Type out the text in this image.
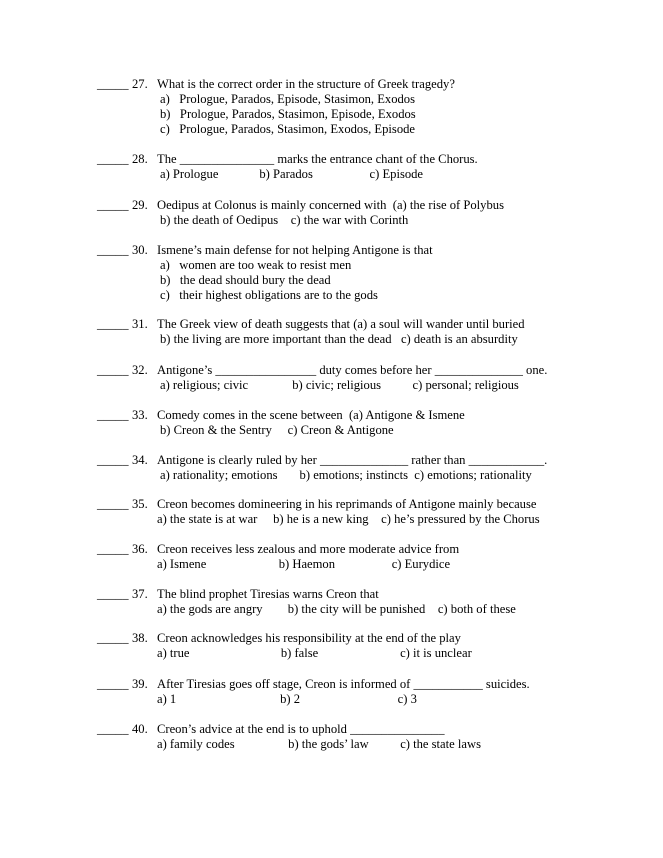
_____ 27. What is the correct order in the structure of Greek tragedy?
a)   Prologue, Parados, Episode, Stasimon, Exodos
b)   Prologue, Parados, Stasimon, Episode, Exodos
c)   Prologue, Parados, Stasimon, Exodos, Episode
_____ 28. The _______________ marks the entrance chant of the Chorus.
a) Prologue             b) Parados                  c) Episode
_____ 29. Oedipus at Colonus is mainly concerned with  (a) the rise of Polybus
b) the death of Oedipus    c) the war with Corinth
_____ 30. Ismene’s main defense for not helping Antigone is that
a)   women are too weak to resist men
b)   the dead should bury the dead
c)   their highest obligations are to the gods
_____ 31. The Greek view of death suggests that (a) a soul will wander until buried
b) the living are more important than the dead   c) death is an absurdity
_____ 32. Antigone’s ________________ duty comes before her ______________ one.
a) religious; civic              b) civic; religious          c) personal; religious
_____ 33. Comedy comes in the scene between  (a) Antigone & Ismene
b) Creon & the Sentry     c) Creon & Antigone
_____ 34. Antigone is clearly ruled by her ______________ rather than ____________.
a) rationality; emotions       b) emotions; instincts  c) emotions; rationality
_____ 35. Creon becomes domineering in his reprimands of Antigone mainly because
a) the state is at war     b) he is a new king    c) he’s pressured by the Chorus
_____ 36. Creon receives less zealous and more moderate advice from
a) Ismene                       b) Haemon                  c) Eurydice
_____ 37. The blind prophet Tiresias warns Creon that
a) the gods are angry        b) the city will be punished    c) both of these
_____ 38. Creon acknowledges his responsibility at the end of the play
a) true                             b) false                          c) it is unclear
_____ 39. After Tiresias goes off stage, Creon is informed of ___________ suicides.
a) 1                                 b) 2                               c) 3
_____ 40. Creon’s advice at the end is to uphold _______________
a) family codes                 b) the gods’ law          c) the state laws
